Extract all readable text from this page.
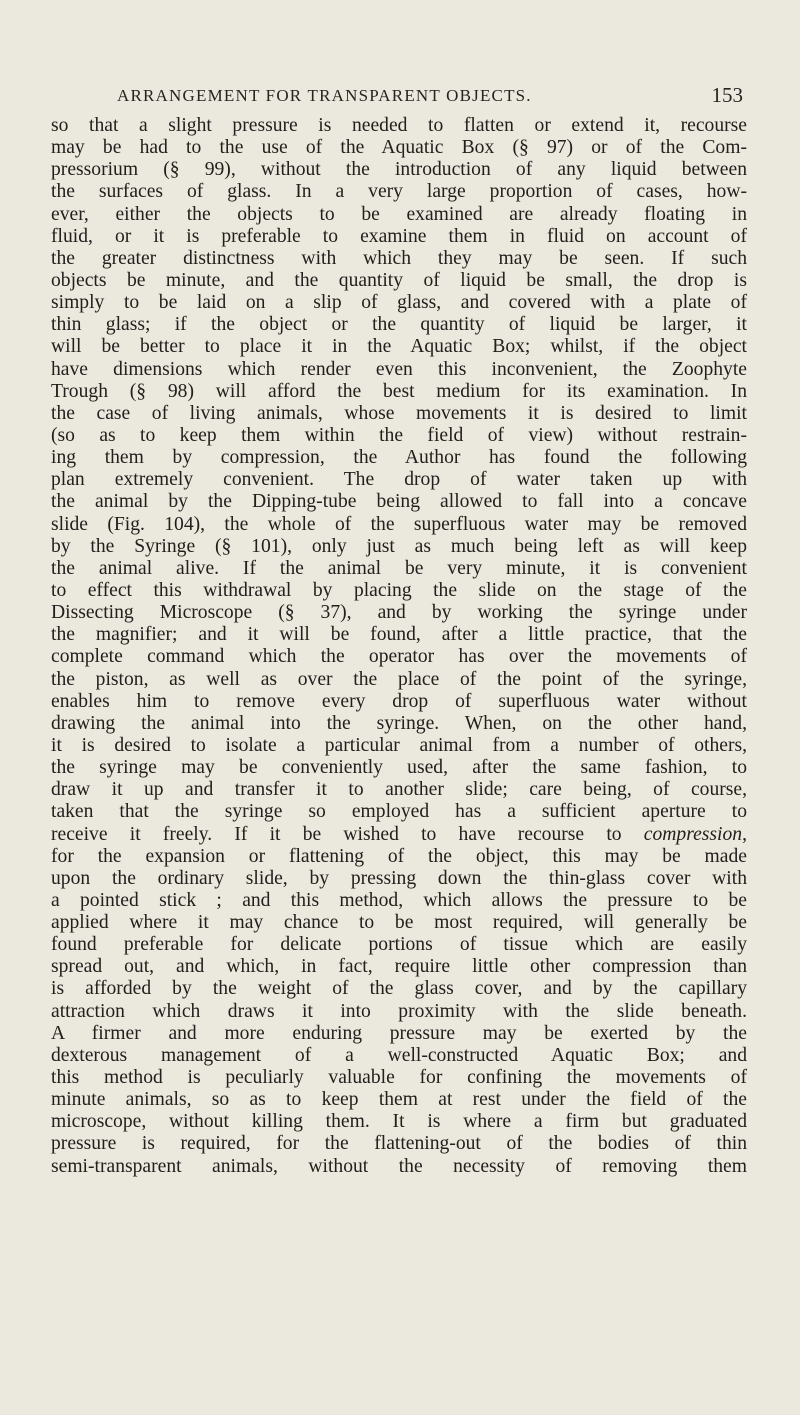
ARRANGEMENT FOR TRANSPARENT OBJECTS.	153
so that a slight pressure is needed to flatten or extend it, recourse
may be had to the use of the Aquatic Box (§ 97) or of the Com-
pressorium (§ 99), without the introduction of any liquid between
the surfaces of glass. In a very large proportion of cases, how-
ever, either the objects to be examined are already floating in
fluid, or it is preferable to examine them in fluid on account of
the greater distinctness with which they may be seen. If such
objects be minute, and the quantity of liquid be small, the drop is
simply to be laid on a slip of glass, and covered with a plate of
thin glass; if the object or the quantity of liquid be larger, it
will be better to place it in the Aquatic Box; whilst, if the object
have dimensions which render even this inconvenient, the Zoophyte
Trough (§ 98) will afford the best medium for its examination. In
the case of living animals, whose movements it is desired to limit
(so as to keep them within the field of view) without restrain-
ing them by compression, the Author has found the following
plan extremely convenient. The drop of water taken up with
the animal by the Dipping-tube being allowed to fall into a concave
slide (Fig. 104), the whole of the superfluous water may be removed
by the Syringe (§ 101), only just as much being left as will keep
the animal alive. If the animal be very minute, it is convenient
to effect this withdrawal by placing the slide on the stage of the
Dissecting Microscope (§ 37), and by working the syringe under
the magnifier; and it will be found, after a little practice, that the
complete command which the operator has over the movements of
the piston, as well as over the place of the point of the syringe,
enables him to remove every drop of superfluous water without
drawing the animal into the syringe. When, on the other hand,
it is desired to isolate a particular animal from a number of others,
the syringe may be conveniently used, after the same fashion, to
draw it up and transfer it to another slide; care being, of course,
taken that the syringe so employed has a sufficient aperture to
receive it freely. If it be wished to have recourse to compression,
for the expansion or flattening of the object, this may be made
upon the ordinary slide, by pressing down the thin-glass cover with
a pointed stick ; and this method, which allows the pressure to be
applied where it may chance to be most required, will generally be
found preferable for delicate portions of tissue which are easily
spread out, and which, in fact, require little other compression than
is afforded by the weight of the glass cover, and by the capillary
attraction which draws it into proximity with the slide beneath.
A firmer and more enduring pressure may be exerted by the
dexterous management of a well-constructed Aquatic Box; and
this method is peculiarly valuable for confining the movements of
minute animals, so as to keep them at rest under the field of the
microscope, without killing them. It is where a firm but graduated
pressure is required, for the flattening-out of the bodies of thin
semi-transparent animals, without the necessity of removing them
